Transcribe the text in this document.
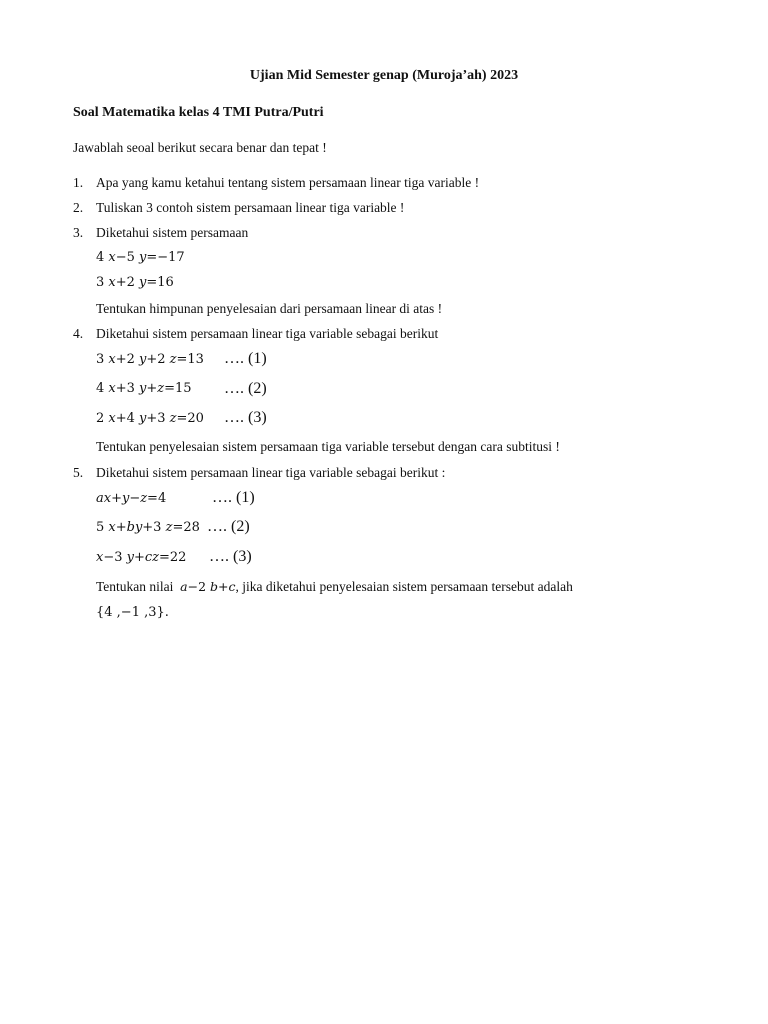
Ujian Mid Semester genap (Muroja’ah) 2023
Soal Matematika kelas 4 TMI Putra/Putri
Jawablah seoal berikut secara benar dan tepat !
1. Apa yang kamu ketahui tentang sistem persamaan linear tiga variable !
2. Tuliskan 3 contoh sistem persamaan linear tiga variable !
3. Diketahui sistem persamaan
4 𝑥−5 𝑦=−17
3 𝑥+2 𝑦=16
Tentukan himpunan penyelesaian dari persamaan linear di atas !
4. Diketahui sistem persamaan linear tiga variable sebagai berikut
3 𝑥+2 𝑦+2 𝑧=13 …. (1)
4 𝑥+3 𝑦+𝑧=15 …. (2)
2 𝑥+4 𝑦+3 𝑧=20 …. (3)
Tentukan penyelesaian sistem persamaan tiga variable tersebut dengan cara subtitusi !
5. Diketahui sistem persamaan linear tiga variable sebagai berikut :
𝑎𝑥+𝑦−𝑧=4	…. (1)
5 𝑥+𝑏𝑦+3 𝑧=28 …. (2)
𝑥−3 𝑦+𝑐𝑧=22 …. (3)
Tentukan nilai 𝑎−2 𝑏+𝑐, jika diketahui penyelesaian sistem persamaan tersebut adalah
{4 ,−1 ,3}.
